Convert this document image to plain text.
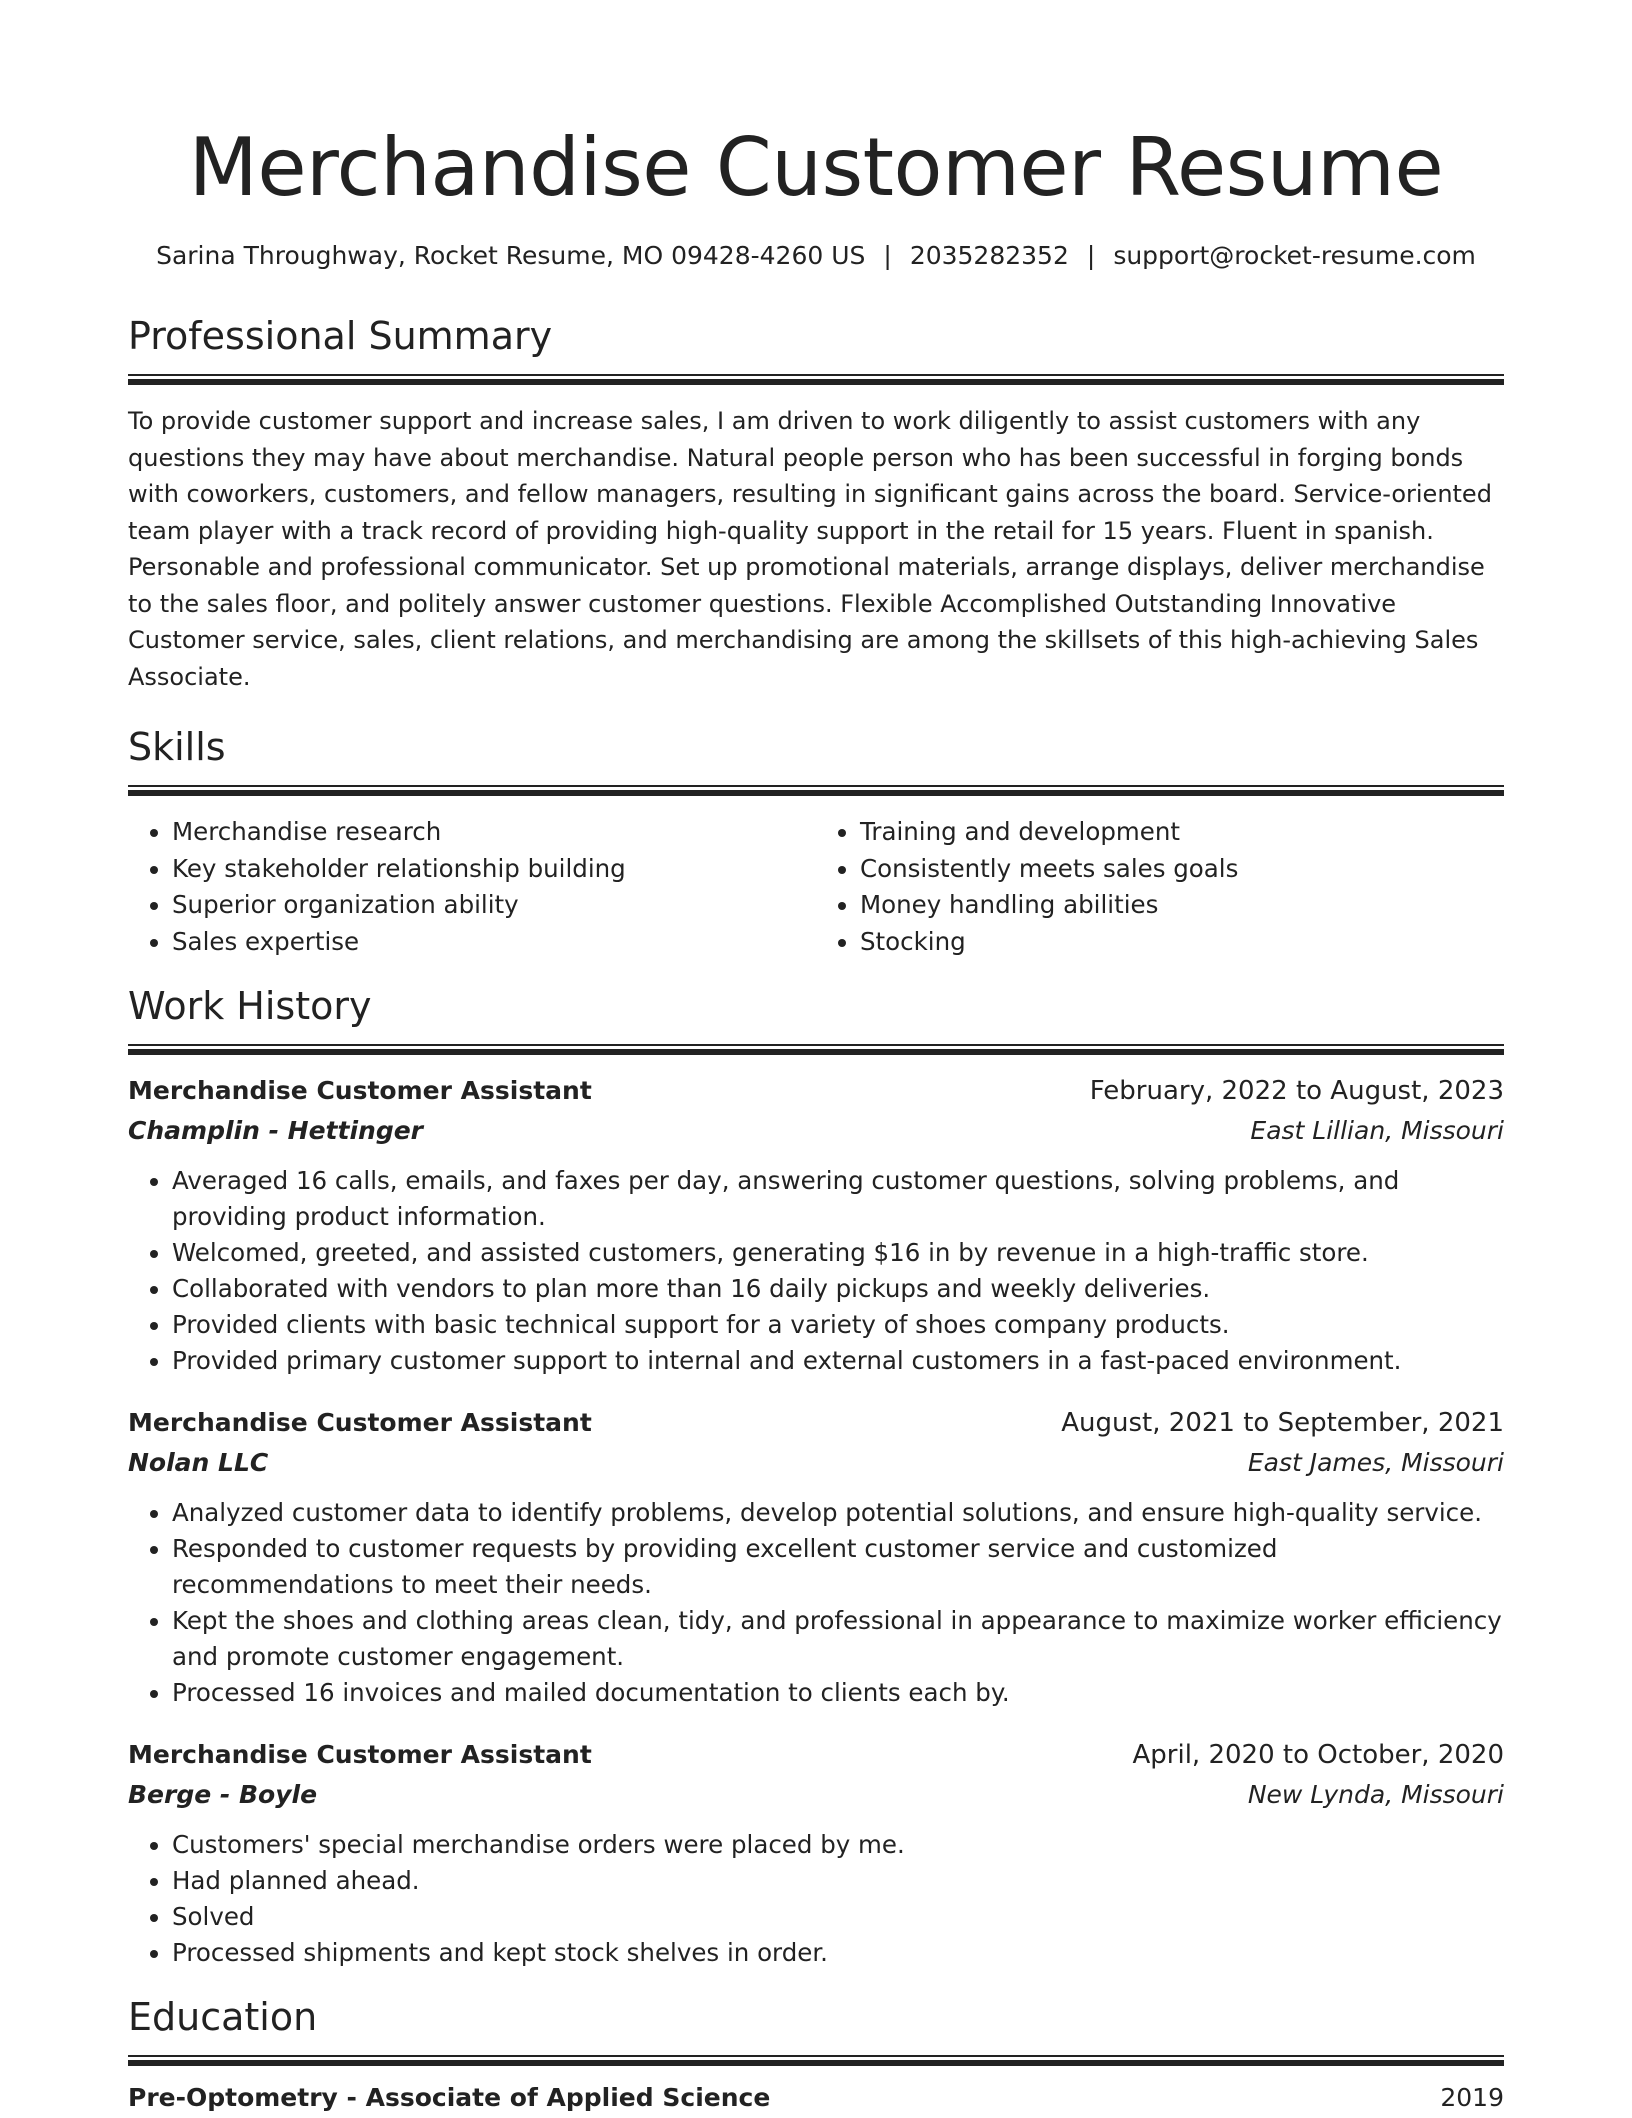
Merchandise Customer Resume
Sarina Throughway, Rocket Resume, MO 09428-4260 US | 2035282352 | support@rocket-resume.com
Professional Summary

To provide customer support and increase sales, I am driven to work diligently to assist customers with any questions they may have about merchandise. Natural people person who has been successful in forging bonds with coworkers, customers, and fellow managers, resulting in significant gains across the board. Service-oriented team player with a track record of providing high-quality support in the retail for 15 years. Fluent in spanish. Personable and professional communicator. Set up promotional materials, arrange displays, deliver merchandise to the sales floor, and politely answer customer questions. Flexible Accomplished Outstanding Innovative Customer service, sales, client relations, and merchandising are among the skillsets of this high-achieving Sales Associate.

Skills
• Merchandise research
• Key stakeholder relationship building
• Superior organization ability
• Sales expertise
• Training and development
• Consistently meets sales goals
• Money handling abilities
• Stocking
Work History
Merchandise Customer Assistant	February, 2022 to August, 2023
Champlin - Hettinger	East Lillian, Missouri
• Averaged 16 calls, emails, and faxes per day, answering customer questions, solving problems, and providing product information.
• Welcomed, greeted, and assisted customers, generating $16 in by revenue in a high-traffic store.
• Collaborated with vendors to plan more than 16 daily pickups and weekly deliveries.
• Provided clients with basic technical support for a variety of shoes company products.
• Provided primary customer support to internal and external customers in a fast-paced environment.
Merchandise Customer Assistant	August, 2021 to September, 2021
Nolan LLC	East James, Missouri
• Analyzed customer data to identify problems, develop potential solutions, and ensure high-quality service.
• Responded to customer requests by providing excellent customer service and customized recommendations to meet their needs.
• Kept the shoes and clothing areas clean, tidy, and professional in appearance to maximize worker efficiency and promote customer engagement.
• Processed 16 invoices and mailed documentation to clients each by.
Merchandise Customer Assistant	April, 2020 to October, 2020
Berge - Boyle	New Lynda, Missouri
• Customers' special merchandise orders were placed by me.
• Had planned ahead.
• Solved
• Processed shipments and kept stock shelves in order.
Education
Pre-Optometry - Associate of Applied Science	2019
